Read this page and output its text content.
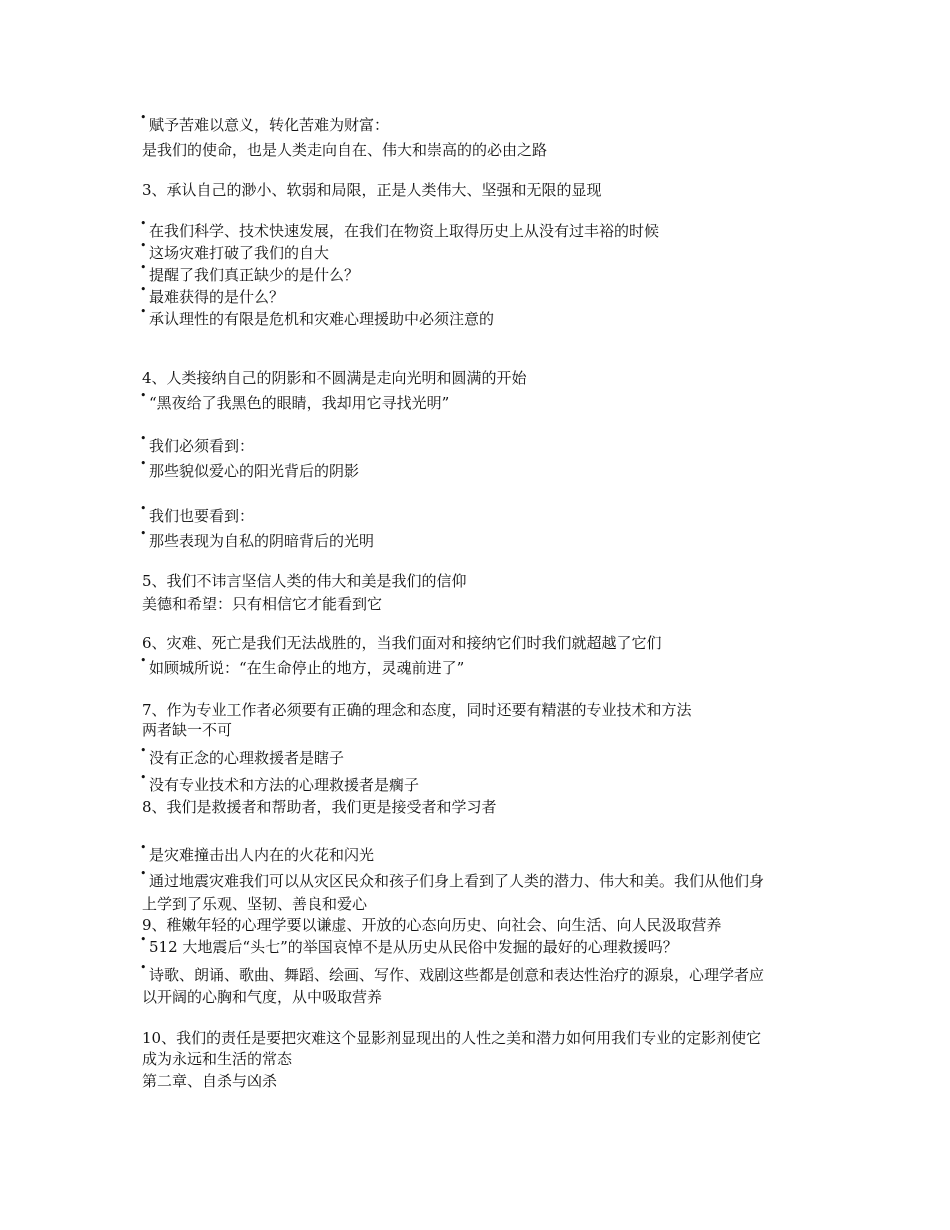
• 赋予苦难以意义，转化苦难为财富：
是我们的使命，也是人类走向自在、伟大和崇高的的必由之路
3、承认自己的渺小、软弱和局限，正是人类伟大、坚强和无限的显现
• 在我们科学、技术快速发展，在我们在物资上取得历史上从没有过丰裕的时候
• 这场灾难打破了我们的自大
• 提醒了我们真正缺少的是什么？
• 最难获得的是什么？
• 承认理性的有限是危机和灾难心理援助中必须注意的
4、人类接纳自己的阴影和不圆满是走向光明和圆满的开始
• “黑夜给了我黑色的眼睛，我却用它寻找光明”
• 我们必须看到：
• 那些貌似爱心的阳光背后的阴影
• 我们也要看到：
• 那些表现为自私的阴暗背后的光明
5、我们不讳言坚信人类的伟大和美是我们的信仰
美德和希望：只有相信它才能看到它
6、灾难、死亡是我们无法战胜的，当我们面对和接纳它们时我们就超越了它们
• 如顾城所说：“在生命停止的地方，灵魂前进了”
7、作为专业工作者必须要有正确的理念和态度，同时还要有精湛的专业技术和方法
两者缺一不可
• 没有正念的心理救援者是瞎子
• 没有专业技术和方法的心理救援者是瘸子
8、我们是救援者和帮助者，我们更是接受者和学习者
• 是灾难撞击出人内在的火花和闪光
• 通过地震灾难我们可以从灾区民众和孩子们身上看到了人类的潜力、伟大和美。我们从他们身
上学到了乐观、坚韧、善良和爱心
9、稚嫩年轻的心理学要以谦虚、开放的心态向历史、向社会、向生活、向人民汲取营养
• 512 大地震后“头七”的举国哀悼不是从历史从民俗中发掘的最好的心理救援吗？
• 诗歌、朗诵、歌曲、舞蹈、绘画、写作、戏剧这些都是创意和表达性治疗的源泉，心理学者应
以开阔的心胸和气度，从中吸取营养
10、我们的责任是要把灾难这个显影剂显现出的人性之美和潜力如何用我们专业的定影剂使它
成为永远和生活的常态
第二章、自杀与凶杀
